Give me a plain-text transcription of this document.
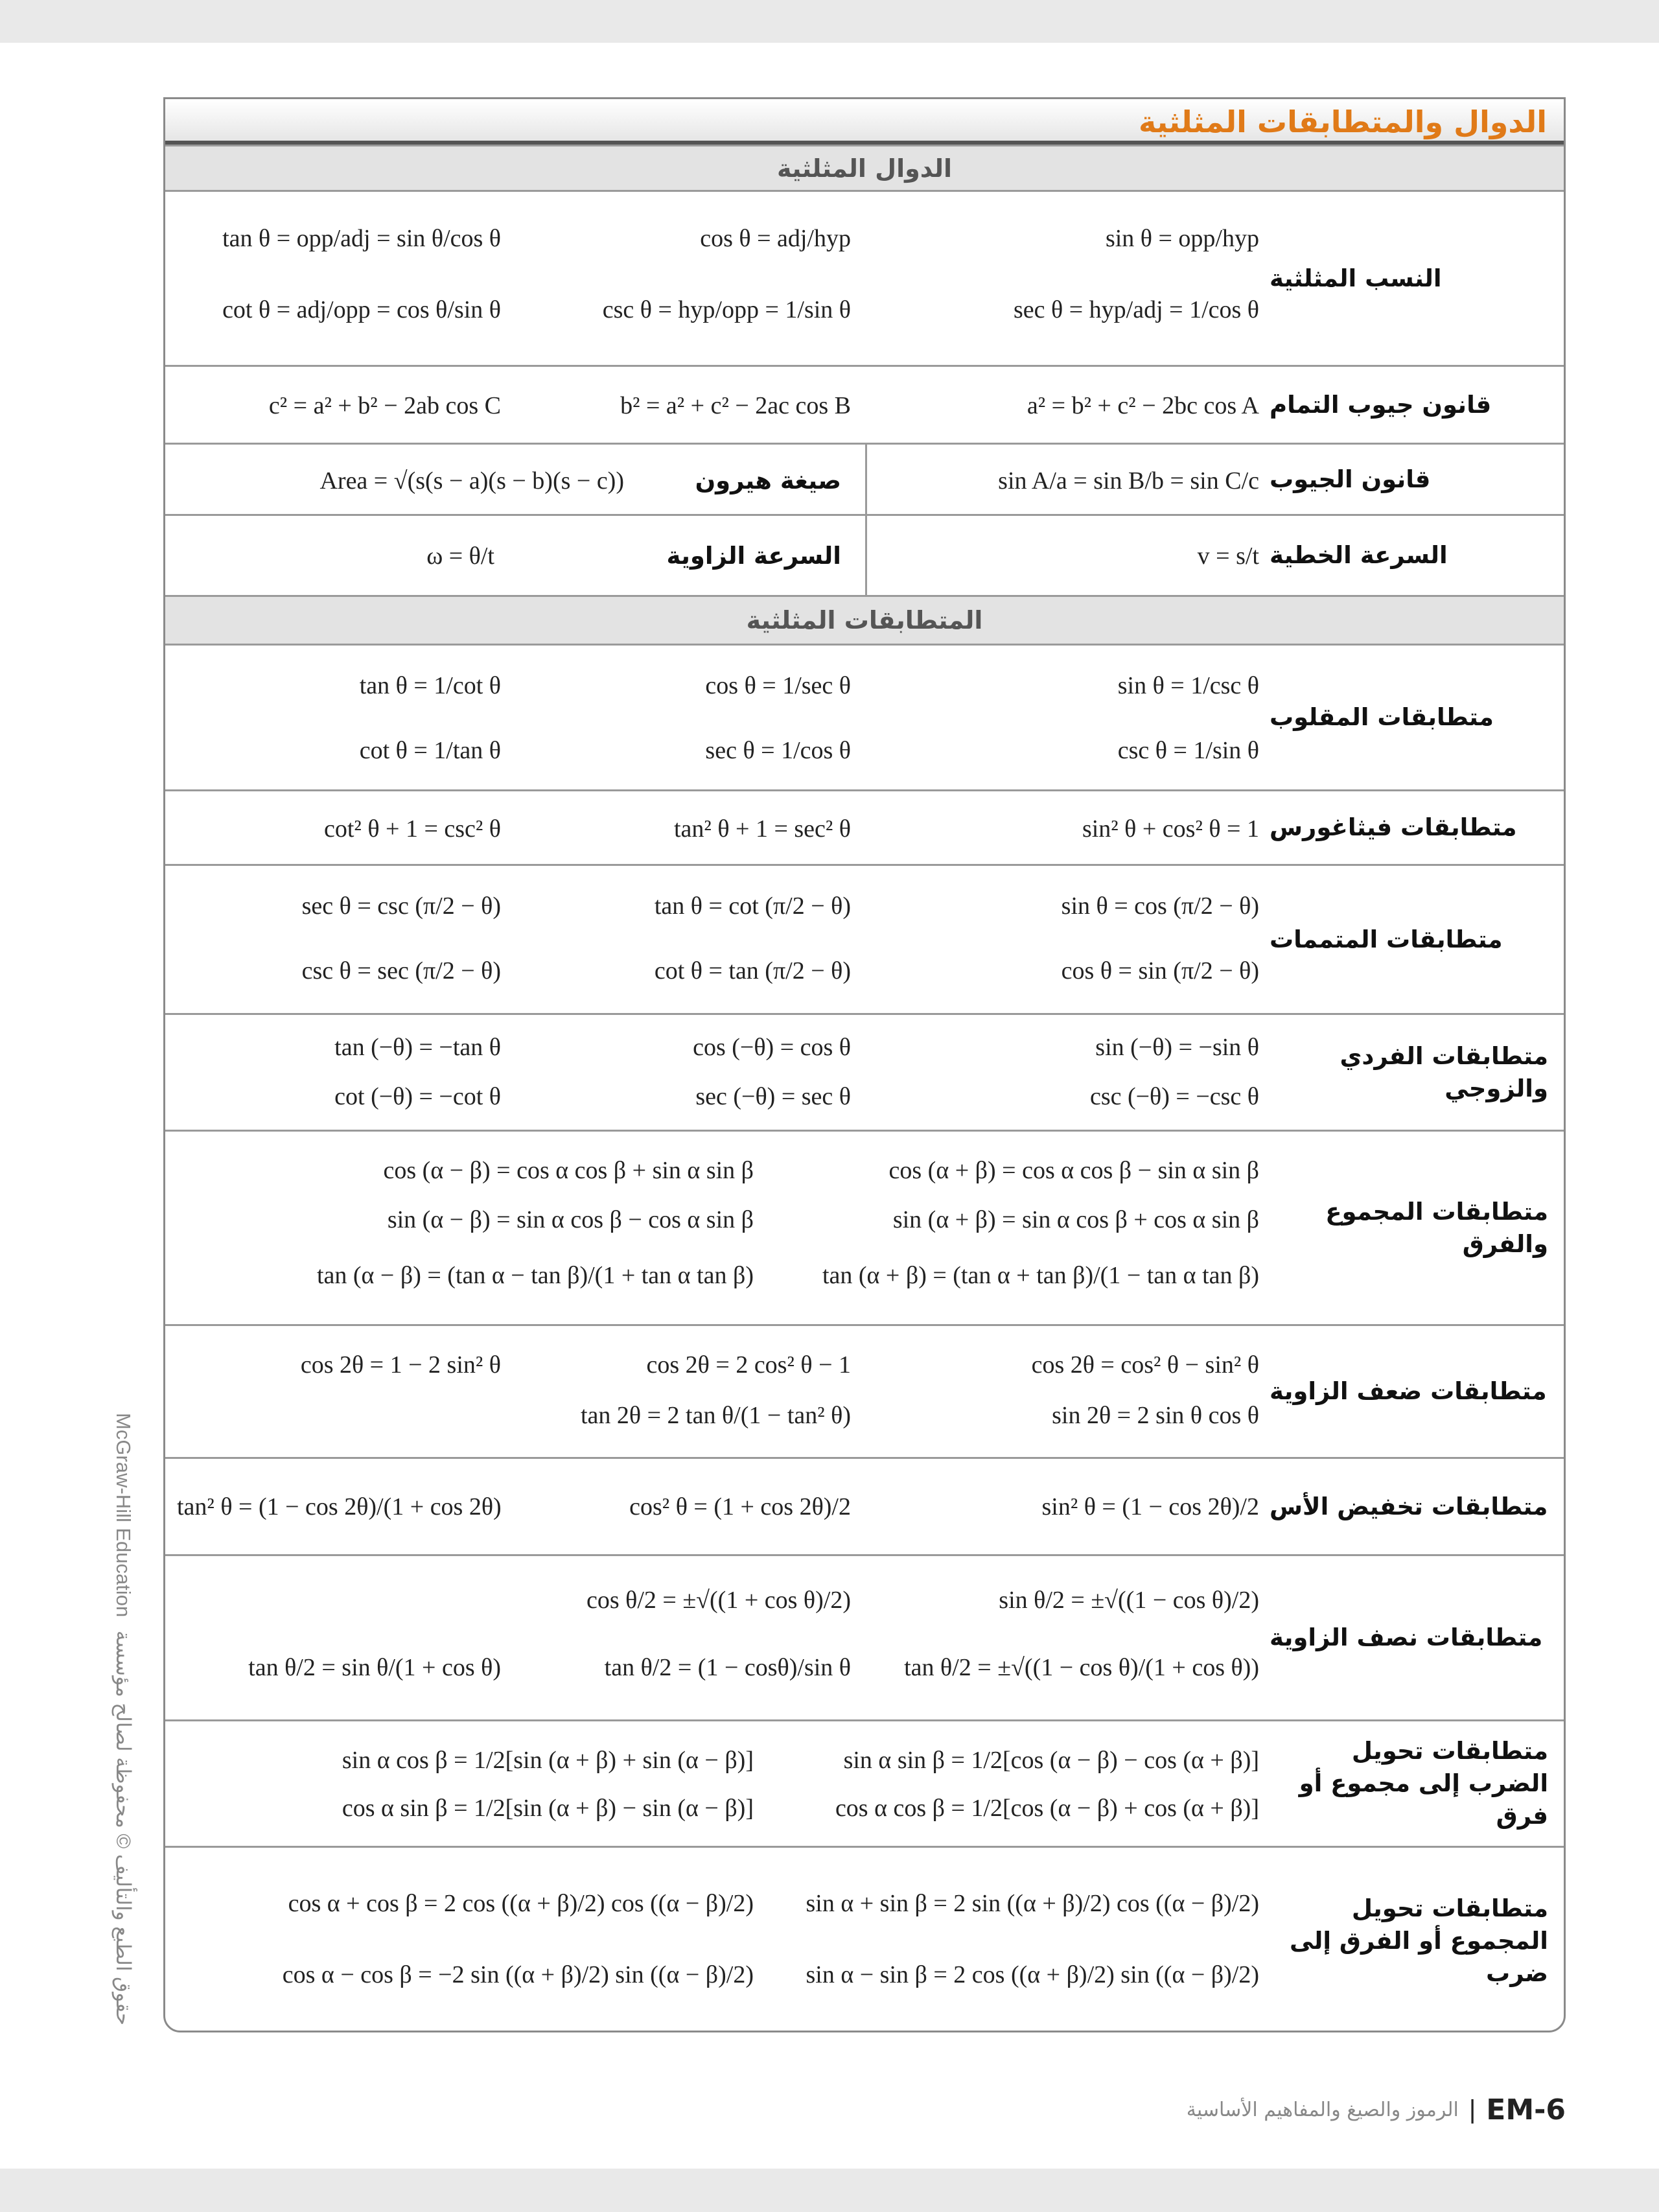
الدوال والمتطابقات المثلثية
الدوال المثلثية
النسب المثلثية
sin θ = opp/hyp
sec θ = hyp/adj = 1/cos θ
cos θ = adj/hyp
csc θ = hyp/opp = 1/sin θ
tan θ = opp/adj = sin θ/cos θ
cot θ = adj/opp = cos θ/sin θ
قانون جيوب التمام
a² = b² + c² − 2bc cos A
b² = a² + c² − 2ac cos B
c² = a² + b² − 2ab cos C
قانون الجيوب
sin A/a = sin B/b = sin C/c
صيغة هيرون
Area = √(s(s − a)(s − b)(s − c))
السرعة الخطية
v = s/t
السرعة الزاوية
ω = θ/t
المتطابقات المثلثية
متطابقات المقلوب
sin θ = 1/csc θ
csc θ = 1/sin θ
cos θ = 1/sec θ
sec θ = 1/cos θ
tan θ = 1/cot θ
cot θ = 1/tan θ
متطابقات فيثاغورس
sin² θ + cos² θ = 1
tan² θ + 1 = sec² θ
cot² θ + 1 = csc² θ
متطابقات المتممات
sin θ = cos (π/2 − θ)
cos θ = sin (π/2 − θ)
tan θ = cot (π/2 − θ)
cot θ = tan (π/2 − θ)
sec θ = csc (π/2 − θ)
csc θ = sec (π/2 − θ)
متطابقات الفردي والزوجي
sin (−θ) = −sin θ
csc (−θ) = −csc θ
cos (−θ) = cos θ
sec (−θ) = sec θ
tan (−θ) = −tan θ
cot (−θ) = −cot θ
متطابقات المجموع والفرق
cos (α + β) = cos α cos β − sin α sin β
sin (α + β) = sin α cos β + cos α sin β
tan (α + β) = (tan α + tan β)/(1 − tan α tan β)
cos (α − β) = cos α cos β + sin α sin β
sin (α − β) = sin α cos β − cos α sin β
tan (α − β) = (tan α − tan β)/(1 + tan α tan β)
متطابقات ضعف الزاوية
cos 2θ = cos² θ − sin² θ
sin 2θ = 2 sin θ cos θ
cos 2θ = 2 cos² θ − 1
tan 2θ = 2 tan θ/(1 − tan² θ)
cos 2θ = 1 − 2 sin² θ
متطابقات تخفيض الأس
sin² θ = (1 − cos 2θ)/2
cos² θ = (1 + cos 2θ)/2
tan² θ = (1 − cos 2θ)/(1 + cos 2θ)
متطابقات نصف الزاوية
sin θ/2 = ±√((1 − cos θ)/2)
tan θ/2 = ±√((1 − cos θ)/(1 + cos θ))
cos θ/2 = ±√((1 + cos θ)/2)
tan θ/2 = (1 − cosθ)/sin θ
tan θ/2 = sin θ/(1 + cos θ)
متطابقات تحويل الضرب إلى مجموع أو فرق
sin α sin β = 1/2[cos (α − β) − cos (α + β)]
cos α cos β = 1/2[cos (α − β) + cos (α + β)]
sin α cos β = 1/2[sin (α + β) + sin (α − β)]
cos α sin β = 1/2[sin (α + β) − sin (α − β)]
متطابقات تحويل المجموع أو الفرق إلى ضرب
sin α + sin β = 2 sin ((α + β)/2) cos ((α − β)/2)
sin α − sin β = 2 cos ((α + β)/2) sin ((α − β)/2)
cos α + cos β = 2 cos ((α + β)/2) cos ((α − β)/2)
cos α − cos β = −2 sin ((α + β)/2) sin ((α − β)/2)
McGraw-Hill Education حقوق الطبع والتأليف © محفوظة لصالح مؤسسة
EM-6
|
الرموز والصيغ والمفاهيم الأساسية
